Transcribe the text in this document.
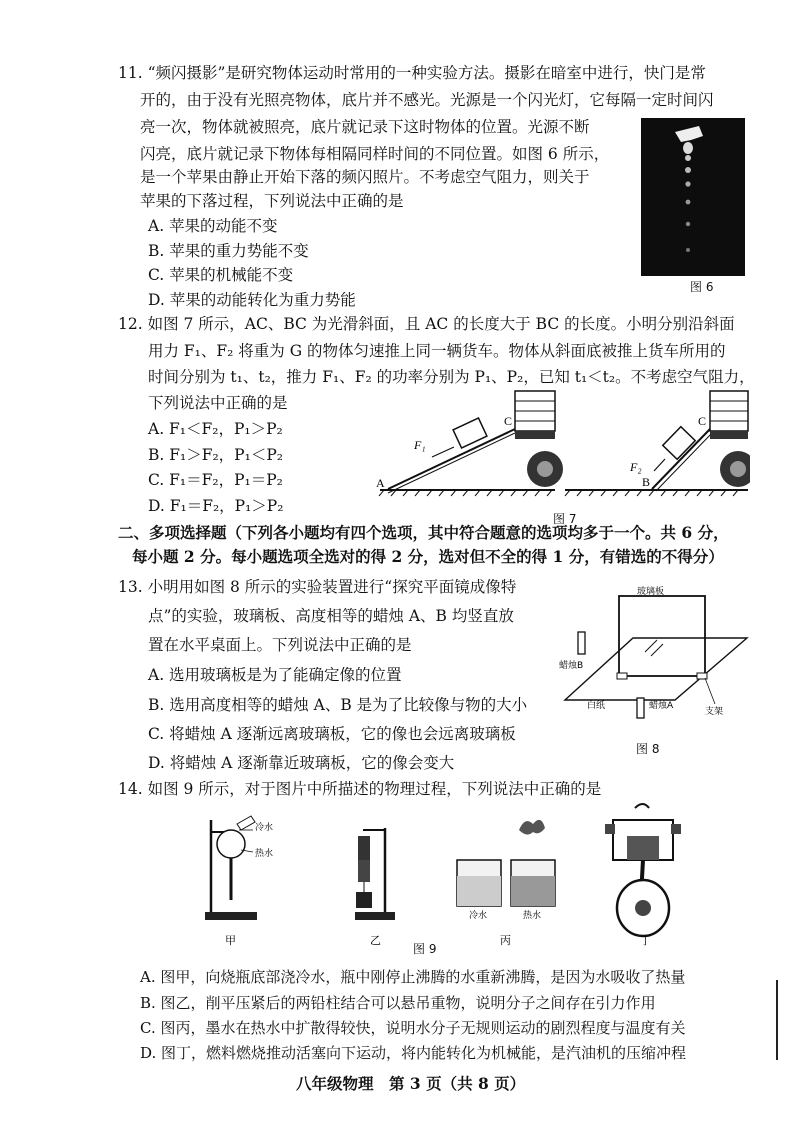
11. “频闪摄影”是研究物体运动时常用的一种实验方法。摄影在暗室中进行，快门是常
开的，由于没有光照亮物体，底片并不感光。光源是一个闪光灯，它每隔一定时间闪
亮一次，物体就被照亮，底片就记录下这时物体的位置。光源不断
闪亮，底片就记录下物体每相隔同样时间的不同位置。如图 6 所示，
是一个苹果由静止开始下落的频闪照片。不考虑空气阻力，则关于
苹果的下落过程，下列说法中正确的是
A. 苹果的动能不变
B. 苹果的重力势能不变
C. 苹果的机械能不变
D. 苹果的动能转化为重力势能
图 6
12. 如图 7 所示，AC、BC 为光滑斜面，且 AC 的长度大于 BC 的长度。小明分别沿斜面
用力 F₁、F₂ 将重为 G 的物体匀速推上同一辆货车。物体从斜面底被推上货车所用的
时间分别为 t₁、t₂，推力 F₁、F₂ 的功率分别为 P₁、P₂，已知 t₁＜t₂。不考虑空气阻力，
下列说法中正确的是
A. F₁＜F₂，P₁＞P₂
B. F₁＞F₂，P₁＜P₂
C. F₁＝F₂，P₁＝P₂
D. F₁＝F₂，P₁＞P₂
A
C
F₁
B
C
F₂
图 7
二、多项选择题（下列各小题均有四个选项，其中符合题意的选项均多于一个。共 6 分，
每小题 2 分。每小题选项全选对的得 2 分，选对但不全的得 1 分，有错选的不得分）
13. 小明用如图 8 所示的实验装置进行“探究平面镜成像特
点”的实验，玻璃板、高度相等的蜡烛 A、B 均竖直放
置在水平桌面上。下列说法中正确的是
A. 选用玻璃板是为了能确定像的位置
B. 选用高度相等的蜡烛 A、B 是为了比较像与物的大小
C. 将蜡烛 A 逐渐远离玻璃板，它的像也会远离玻璃板
D. 将蜡烛 A 逐渐靠近玻璃板，它的像会变大
玻璃板
蜡烛B
蜡烛A
白纸
支架
图 8
14. 如图 9 所示，对于图片中所描述的物理过程，下列说法中正确的是
冷水
热水
冷水	热水
甲	乙	丙	丁
图 9
A. 图甲，向烧瓶底部浇冷水，瓶中刚停止沸腾的水重新沸腾，是因为水吸收了热量
B. 图乙，削平压紧后的两铅柱结合可以悬吊重物，说明分子之间存在引力作用
C. 图丙，墨水在热水中扩散得较快，说明水分子无规则运动的剧烈程度与温度有关
D. 图丁，燃料燃烧推动活塞向下运动，将内能转化为机械能，是汽油机的压缩冲程
八年级物理　第 3 页（共 8 页）
